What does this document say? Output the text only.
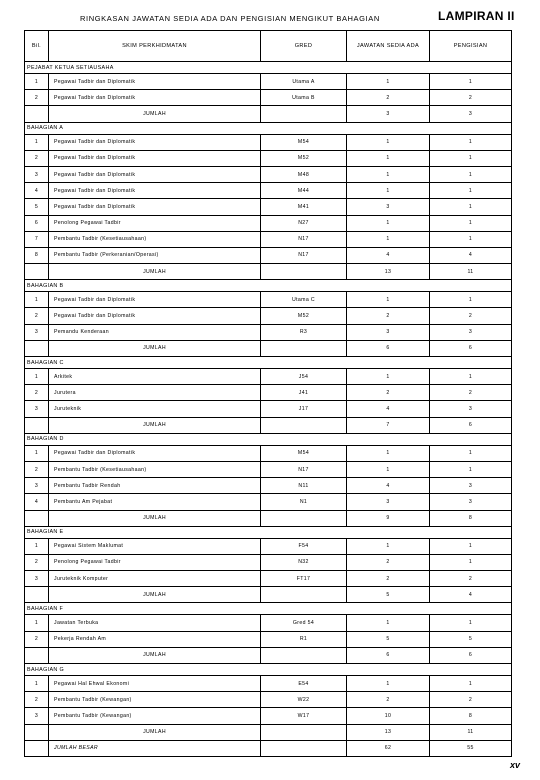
RINGKASAN JAWATAN SEDIA ADA DAN PENGISIAN MENGIKUT BAHAGIAN	LAMPIRAN II
Bil.	SKIM PERKHIDMATAN	GRED	JAWATAN SEDIA ADA	PENGISIAN
PEJABAT KETUA SETIAUSAHA				
1	Pegawai Tadbir dan Diplomatik	Utama A	1	1
2	Pegawai Tadbir dan Diplomatik	Utama B	2	2
	JUMLAH		3	3
BAHAGIAN A				
1	Pegawai Tadbir dan Diplomatik	M54	1	1
2	Pegawai Tadbir dan Diplomatik	M52	1	1
3	Pegawai Tadbir dan Diplomatik	M48	1	1
4	Pegawai Tadbir dan Diplomatik	M44	1	1
5	Pegawai Tadbir dan Diplomatik	M41	3	1
6	Penolong Pegawai Tadbir	N27	1	1
7	Pembantu Tadbir (Kesetiausahaan)	N17	1	1
8	Pembantu Tadbir (Perkeranian/Operasi)	N17	4	4
	JUMLAH		13	11
BAHAGIAN B				
1	Pegawai Tadbir dan Diplomatik	Utama C	1	1
2	Pegawai Tadbir dan Diplomatik	M52	2	2
3	Pemandu Kenderaan	R3	3	3
	JUMLAH		6	6
BAHAGIAN C				
1	Arkitek	J54	1	1
2	Jurutera	J41	2	2
3	Juruteknik	J17	4	3
	JUMLAH		7	6
BAHAGIAN D				
1	Pegawai Tadbir dan Diplomatik	M54	1	1
2	Pembantu Tadbir (Kesetiausahaan)	N17	1	1
3	Pembantu Tadbir Rendah	N11	4	3
4	Pembantu Am Pejabat	N1	3	3
	JUMLAH		9	8
BAHAGIAN E				
1	Pegawai Sistem Maklumat	F54	1	1
2	Penolong Pegawai Tadbir	N32	2	1
3	Juruteknik Komputer	FT17	2	2
	JUMLAH		5	4
BAHAGIAN F				
1	Jawatan Terbuka	Gred 54	1	1
2	Pekerja Rendah Am	R1	5	5
	JUMLAH		6	6
BAHAGIAN G				
1	Pegawai Hal Ehwal Ekonomi	E54	1	1
2	Pembantu Tadbir (Kewangan)	W22	2	2
3	Pembantu Tadbir (Kewangan)	W17	10	8
	JUMLAH		13	11
	JUMLAH BESAR		62	55
xv
